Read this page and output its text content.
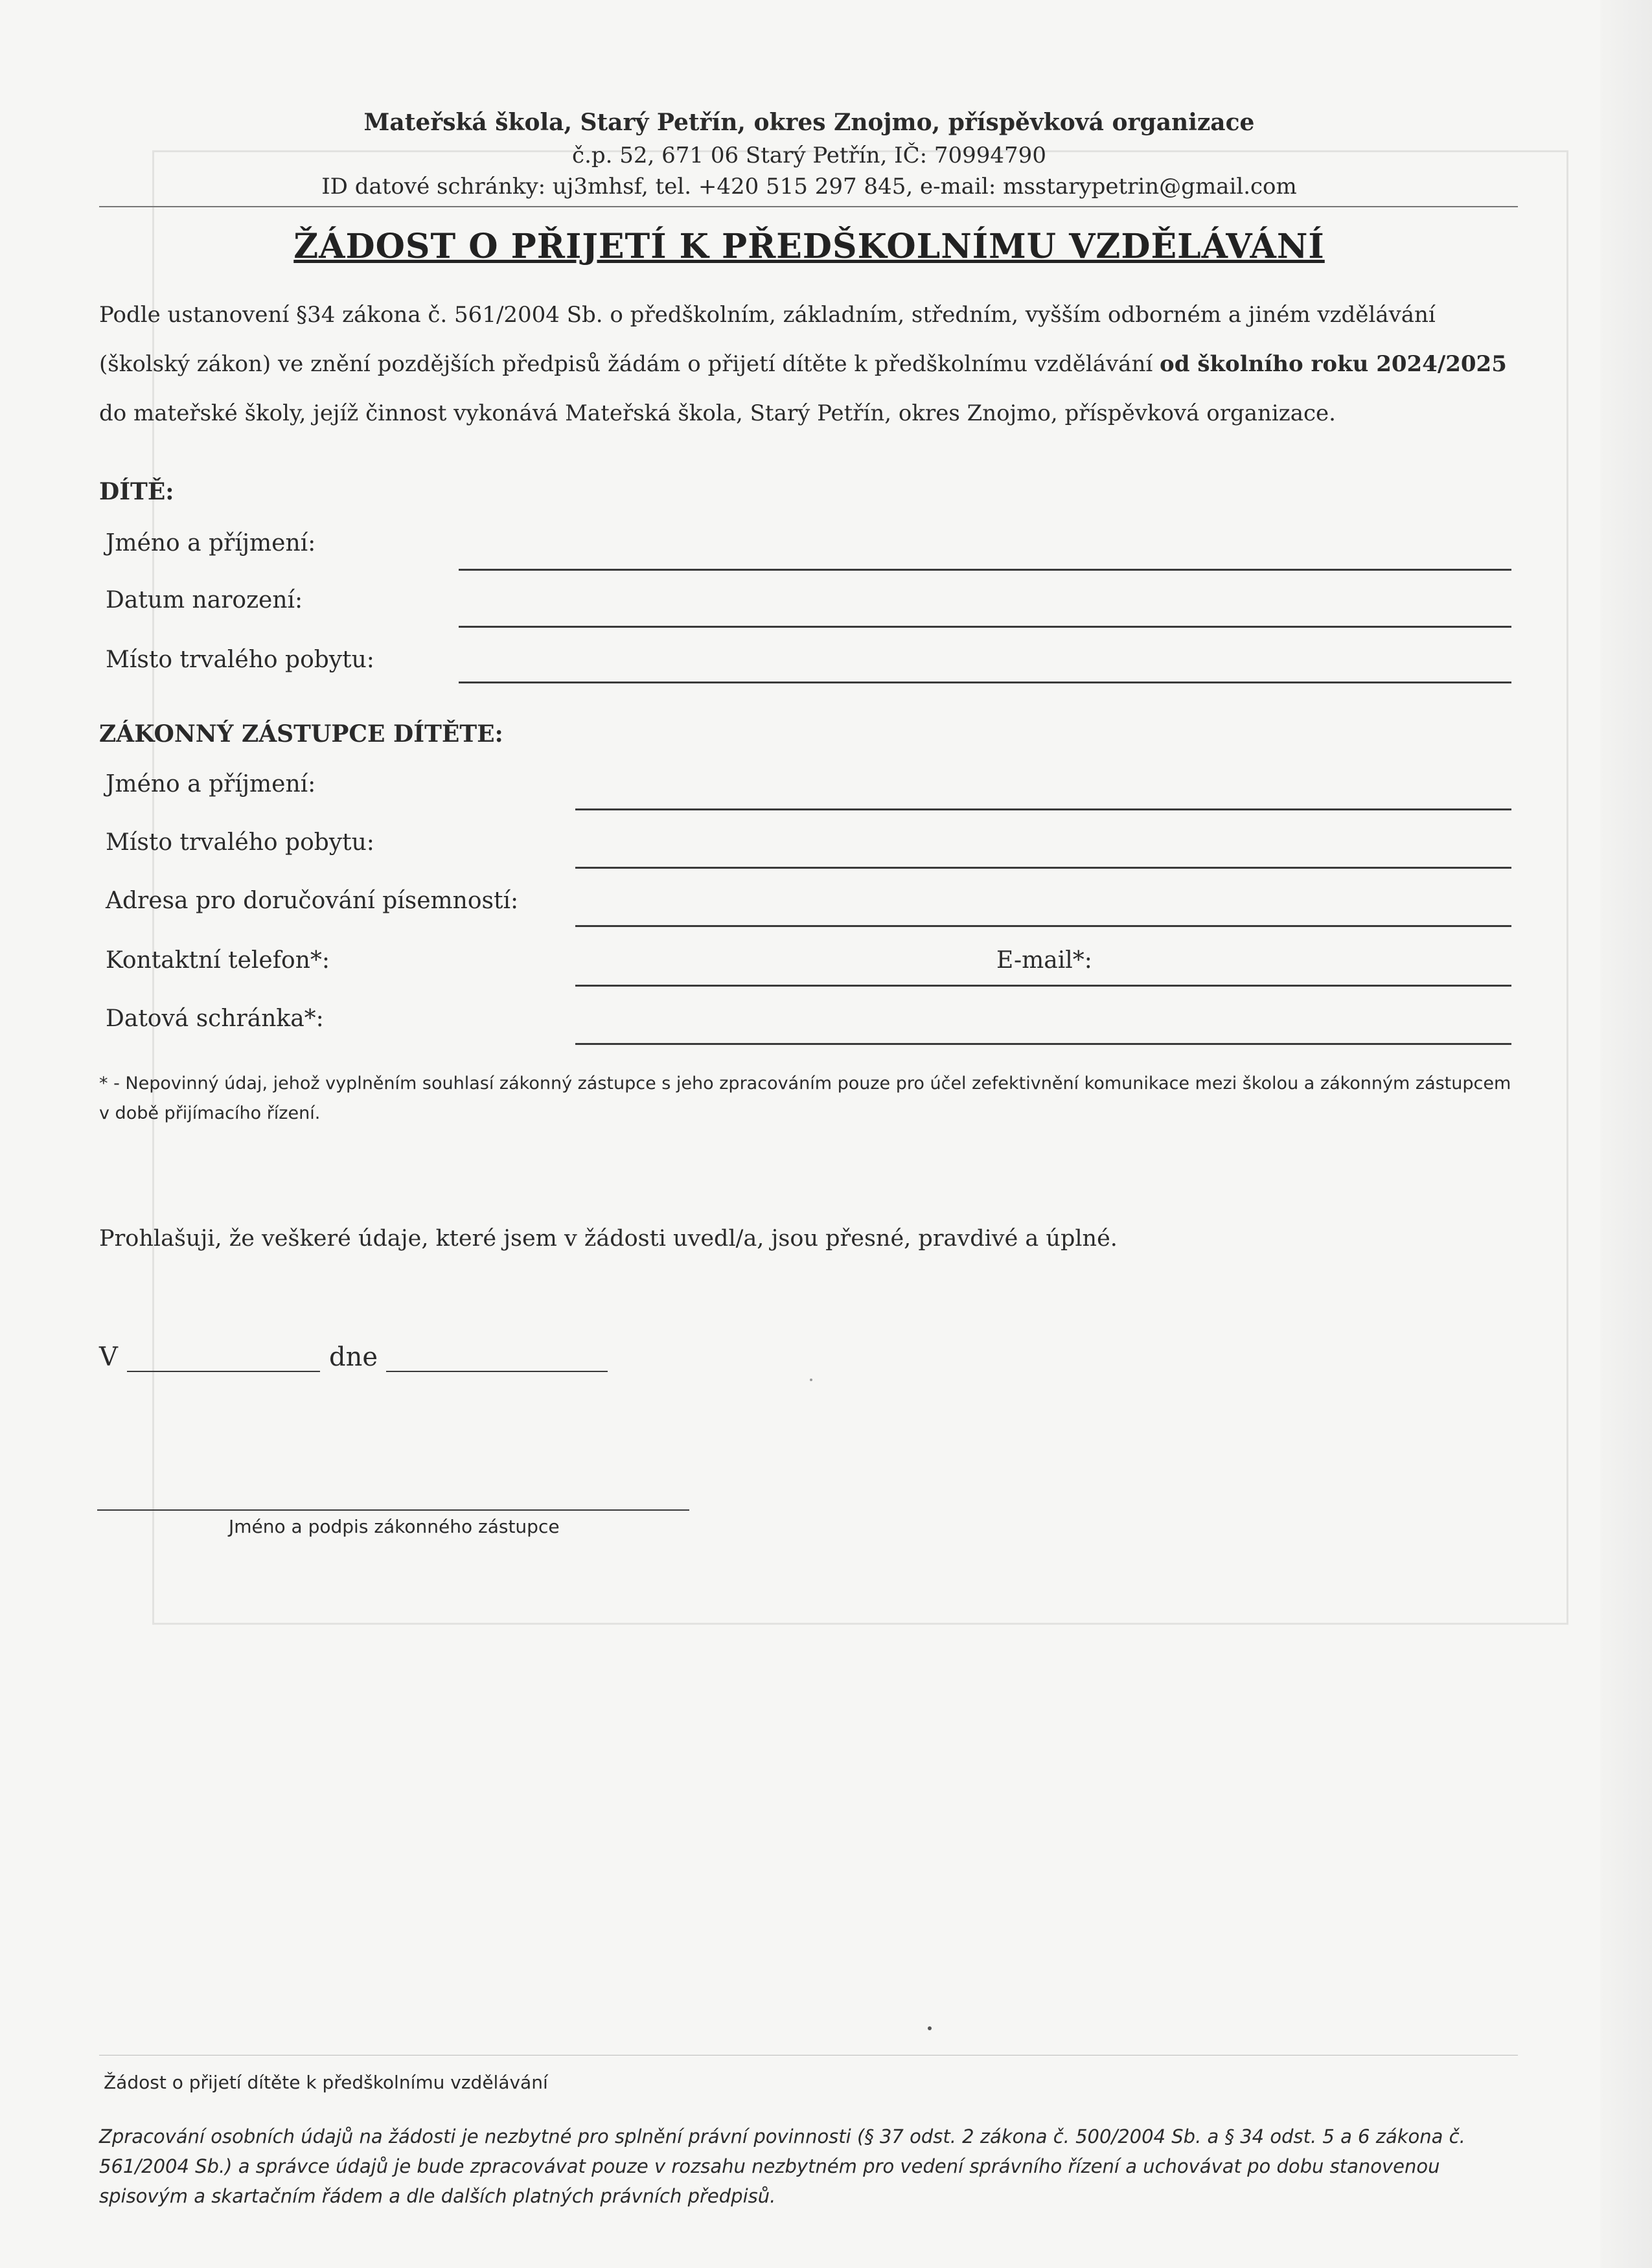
Mateřská škola, Starý Petřín, okres Znojmo, příspěvková organizace
č.p. 52, 671 06 Starý Petřín, IČ: 70994790
ID datové schránky: uj3mhsf, tel. +420 515 297 845, e-mail: msstarypetrin@gmail.com
ŽÁDOST O PŘIJETÍ K PŘEDŠKOLNÍMU VZDĚLÁVÁNÍ
Podle ustanovení §34 zákona č. 561/2004 Sb. o předškolním, základním, středním, vyšším odborném a jiném vzdělávání (školský zákon) ve znění pozdějších předpisů žádám o přijetí dítěte k předškolnímu vzdělávání od školního roku 2024/2025 do mateřské školy, jejíž činnost vykonává Mateřská škola, Starý Petřín, okres Znojmo, příspěvková organizace.
DÍTĚ:
Jméno a příjmení:
Datum narození:
Místo trvalého pobytu:
ZÁKONNÝ ZÁSTUPCE DÍTĚTE:
Jméno a příjmení:
Místo trvalého pobytu:
Adresa pro doručování písemností:
Kontaktní telefon*:	E-mail*:
Datová schránka*:
* - Nepovinný údaj, jehož vyplněním souhlasí zákonný zástupce s jeho zpracováním pouze pro účel zefektivnění komunikace mezi školou a zákonným zástupcem v době přijímacího řízení.
Prohlašuji, že veškeré údaje, které jsem v žádosti uvedl/a, jsou přesné, pravdivé a úplné.
V	dne
Jméno a podpis zákonného zástupce
Žádost o přijetí dítěte k předškolnímu vzdělávání
Zpracování osobních údajů na žádosti je nezbytné pro splnění právní povinnosti (§ 37 odst. 2 zákona č. 500/2004 Sb. a § 34 odst. 5 a 6 zákona č. 561/2004 Sb.) a správce údajů je bude zpracovávat pouze v rozsahu nezbytném pro vedení správního řízení a uchovávat po dobu stanovenou spisovým a skartačním řádem a dle dalších platných právních předpisů.
